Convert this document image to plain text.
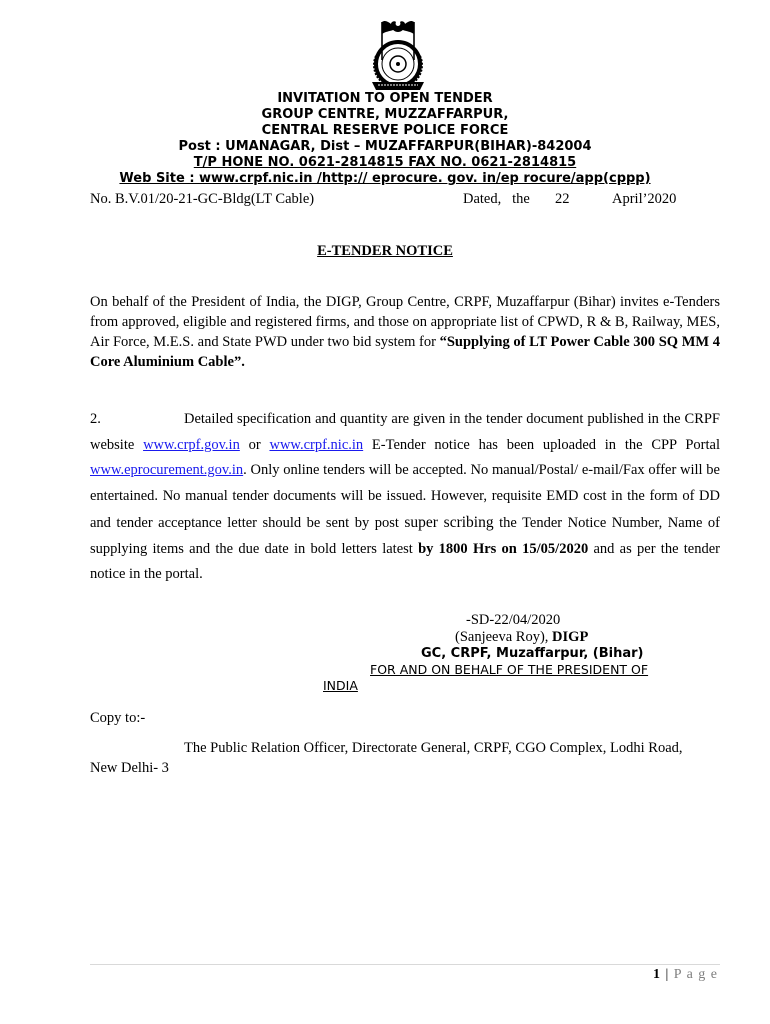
INVITATION TO OPEN TENDER
GROUP CENTRE, MUZZAFFARPUR,
CENTRAL RESERVE POLICE FORCE
Post : UMANAGAR, Dist – MUZAFFARPUR(BIHAR)-842004
T/P HONE NO. 0621-2814815 FAX NO. 0621-2814815
Web Site : www.crpf.nic.in /http:// eprocure. gov. in/ep rocure/app(cppp)
No. B.V.01/20-21-GC-Bldg(LT Cable)	Dated,   the 22	April’2020
E-TENDER NOTICE
On behalf of the President of India, the DIGP, Group Centre, CRPF, Muzaffarpur (Bihar) invites e-Tenders from approved, eligible and registered firms, and those on appropriate list of CPWD, R & B, Railway, MES, Air Force, M.E.S. and State PWD under two bid system for “Supplying of LT Power Cable 300 SQ MM 4 Core Aluminium Cable”.
2.	Detailed specification and quantity are given in the tender document published in the CRPF website www.crpf.gov.in or www.crpf.nic.in E-Tender notice has been uploaded in the CPP Portal www.eprocurement.gov.in. Only online tenders will be accepted. No manual/Postal/ e-mail/Fax offer will be entertained. No manual tender documents will be issued. However, requisite EMD cost in the form of DD and tender acceptance letter should be sent by post super scribing the Tender Notice Number, Name of supplying items and the due date in bold letters latest by 1800 Hrs on 15/05/2020 and as per the tender notice in the portal.
-SD-22/04/2020
(Sanjeeva Roy), DIGP
GC, CRPF, Muzaffarpur, (Bihar)
FOR AND ON BEHALF OF THE PRESIDENT OF
INDIA
Copy to:-
The Public Relation Officer, Directorate General, CRPF, CGO Complex, Lodhi Road,
New Delhi- 3
1 | P a g e
